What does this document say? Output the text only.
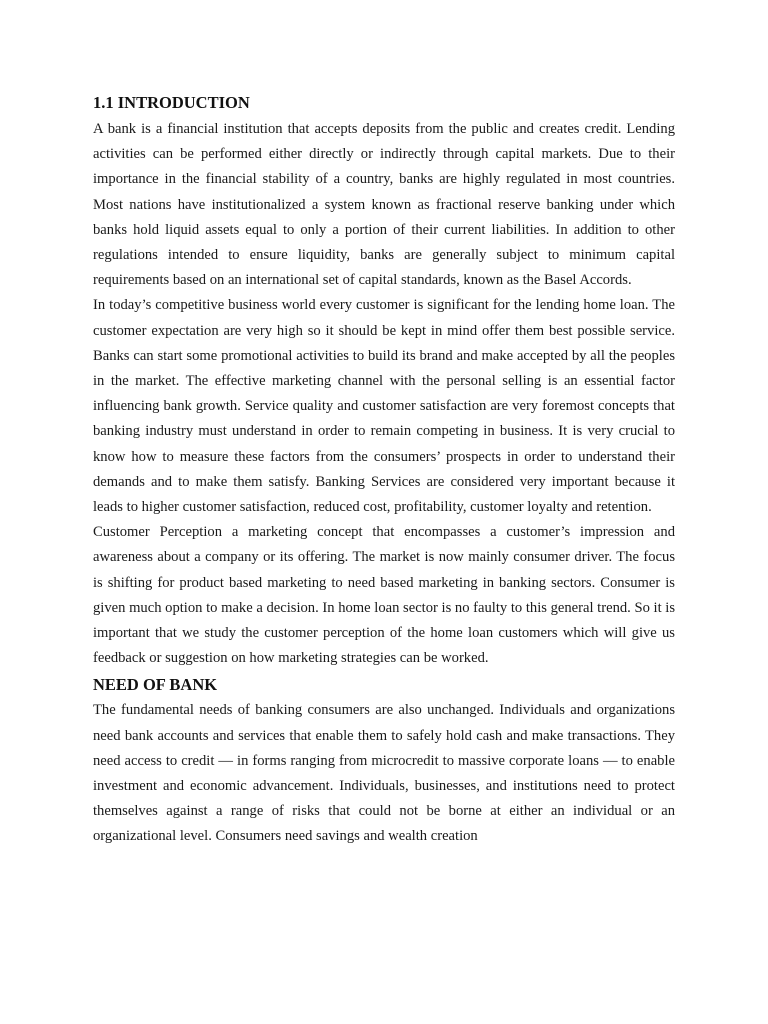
1.1 INTRODUCTION

A bank is a financial institution that accepts deposits from the public and creates credit. Lending activities can be performed either directly or indirectly through capital markets. Due to their importance in the financial stability of a country, banks are highly regulated in most countries. Most nations have institutionalized a system known as fractional reserve banking under which banks hold liquid assets equal to only a portion of their current liabilities. In addition to other regulations intended to ensure liquidity, banks are generally subject to minimum capital requirements based on an international set of capital standards, known as the Basel Accords.

In today’s competitive business world every customer is significant for the lending home loan. The customer expectation are very high so it should be kept in mind offer them best possible service. Banks can start some promotional activities to build its brand and make accepted by all the peoples in the market. The effective marketing channel with the personal selling is an essential factor influencing bank growth. Service quality and customer satisfaction are very foremost concepts that banking industry must understand in order to remain competing in business. It is very crucial to know how to measure these factors from the consumers’ prospects in order to understand their demands and to make them satisfy. Banking Services are considered very important because it leads to higher customer satisfaction, reduced cost, profitability, customer loyalty and retention.

Customer Perception a marketing concept that encompasses a customer’s impression and awareness about a company or its offering. The market is now mainly consumer driver. The focus is shifting for product based marketing to need based marketing in banking sectors. Consumer is given much option to make a decision. In home loan sector is no faulty to this general trend. So it is important that we study the customer perception of the home loan customers which will give us feedback or suggestion on how marketing strategies can be worked.

NEED OF BANK

The fundamental needs of banking consumers are also unchanged. Individuals and organizations need bank accounts and services that enable them to safely hold cash and make transactions. They need access to credit — in forms ranging from microcredit to massive corporate loans — to enable investment and economic advancement. Individuals, businesses, and institutions need to protect themselves against a range of risks that could not be borne at either an individual or an organizational level. Consumers need savings and wealth creation
